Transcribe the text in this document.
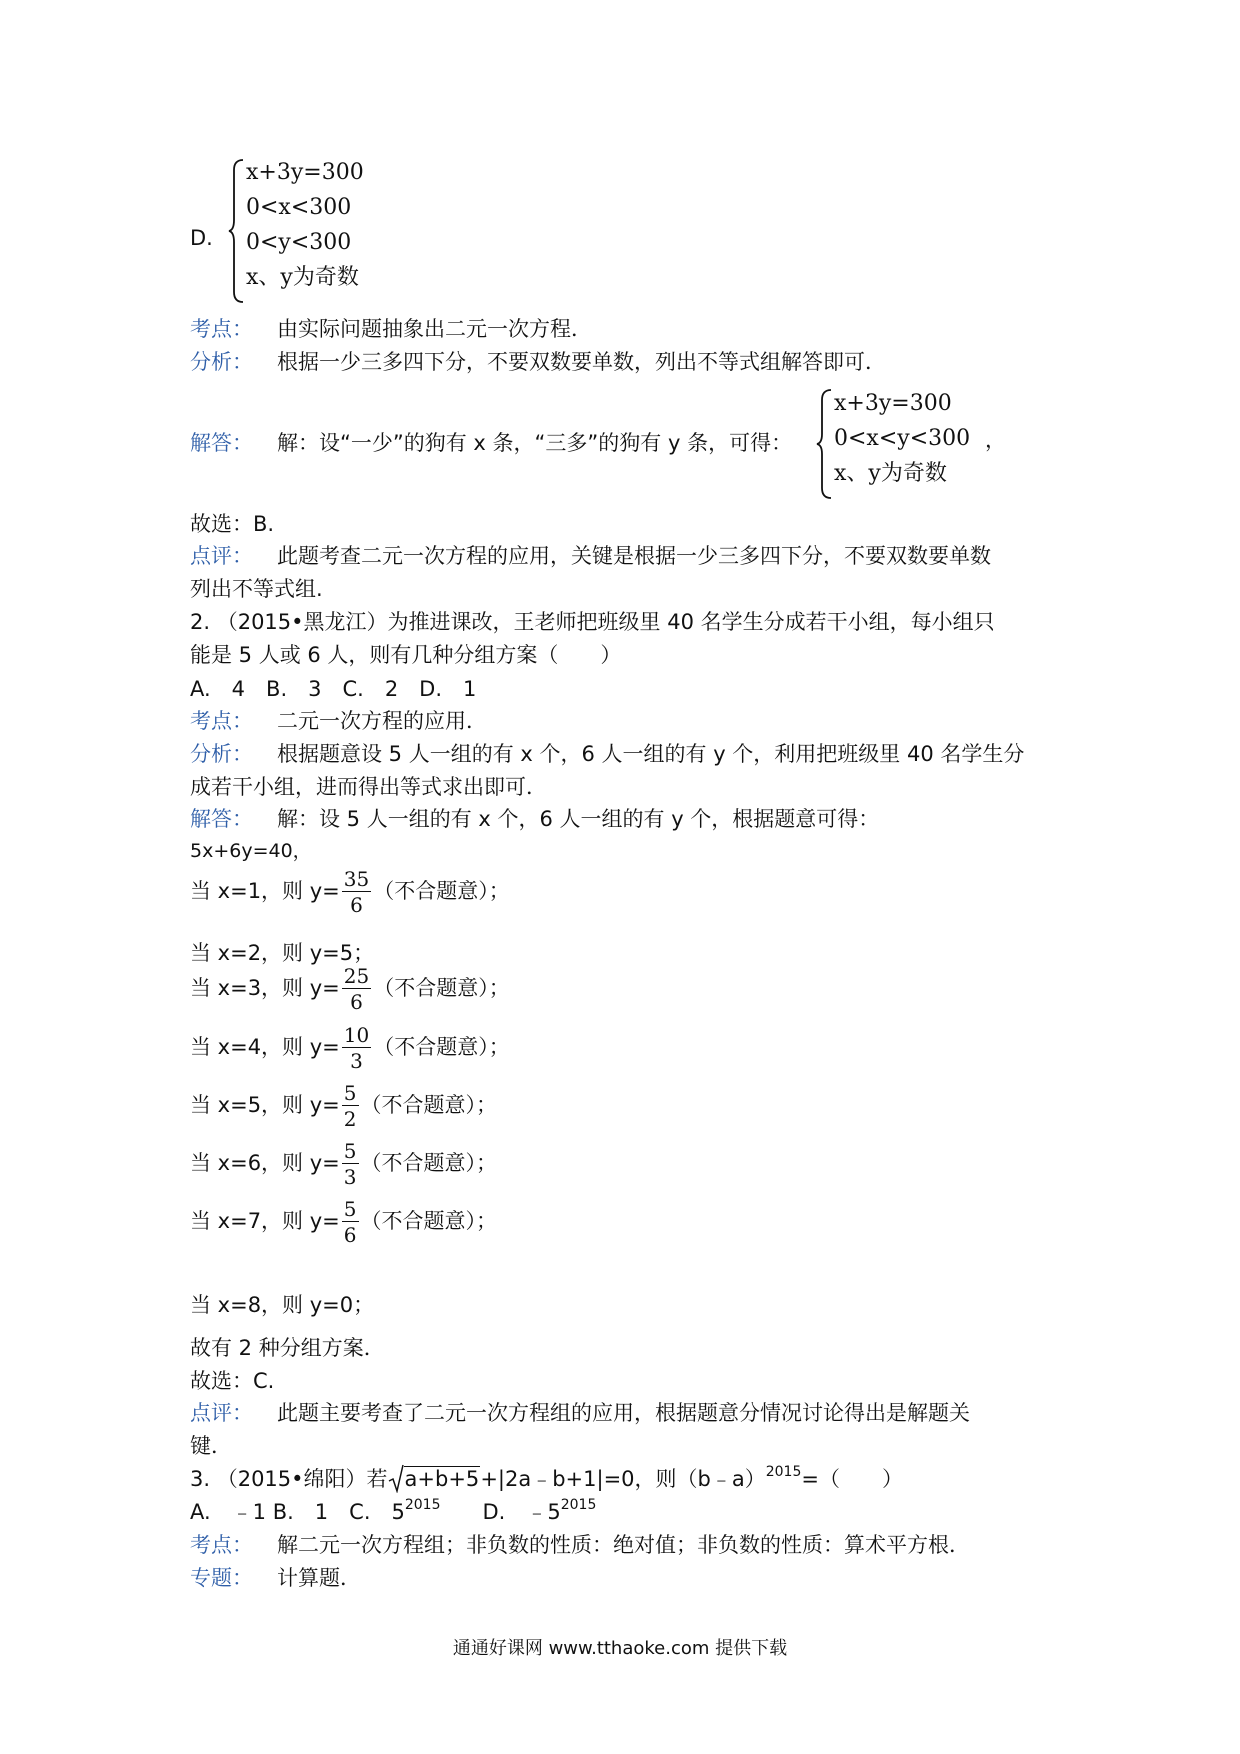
D.
x+3y=300
0<x<300
0<y<300
x、y为奇数
考点： 由实际问题抽象出二元一次方程．
分析： 根据一少三多四下分，不要双数要单数，列出不等式组解答即可．
解答： 解：设“一少”的狗有 x 条，“三多”的狗有 y 条，可得：
x+3y=300
0<x<y<300
x、y为奇数
，
故选：B.
点评： 此题考查二元一次方程的应用，关键是根据一少三多四下分，不要双数要单数
列出不等式组.
2. （2015•黑龙江）为推进课改，王老师把班级里 40 名学生分成若干小组，每小组只
能是 5 人或 6 人，则有几种分组方案（　　）
A.　4　B.　3　C.　2　D.　1
考点： 二元一次方程的应用．
分析： 根据题意设 5 人一组的有 x 个，6 人一组的有 y 个，利用把班级里 40 名学生分
成若干小组，进而得出等式求出即可．
解答： 解：设 5 人一组的有 x 个，6 人一组的有 y 个，根据题意可得：
5x+6y=40，
当 x=1，则 $y= \frac{35}{6}$ （不合题意）；
当 x=2，则 y=5；
当 x=3，则 $y= \frac{25}{6}$ （不合题意）；
当 x=4，则 $y= \frac{10}{3}$ （不合题意）；
当 x=5，则 $y= \frac{5}{2}$ （不合题意）；
当 x=6，则 $y= \frac{5}{3}$ （不合题意）；
当 x=7，则 $y= \frac{5}{6}$ （不合题意）；
当 x=8，则 y=0；
故有 2 种分组方案．
故选：C.
点评： 此题主要考查了二元一次方程组的应用，根据题意分情况讨论得出是解题关
键．
3. （2015•绵阳）若 a+b+5+|2a﹣b+1|=0，则（b﹣a）$^{2015}$=（　　）
A.　﹣1 B.　1　C.　$5^{2015}$　　D.　$﹣5^{2015}$
考点： 解二元一次方程组；非负数的性质：绝对值；非负数的性质：算术平方根．
专题： 计算题．
通通好课网 www.tthaoke.com 提供下载
